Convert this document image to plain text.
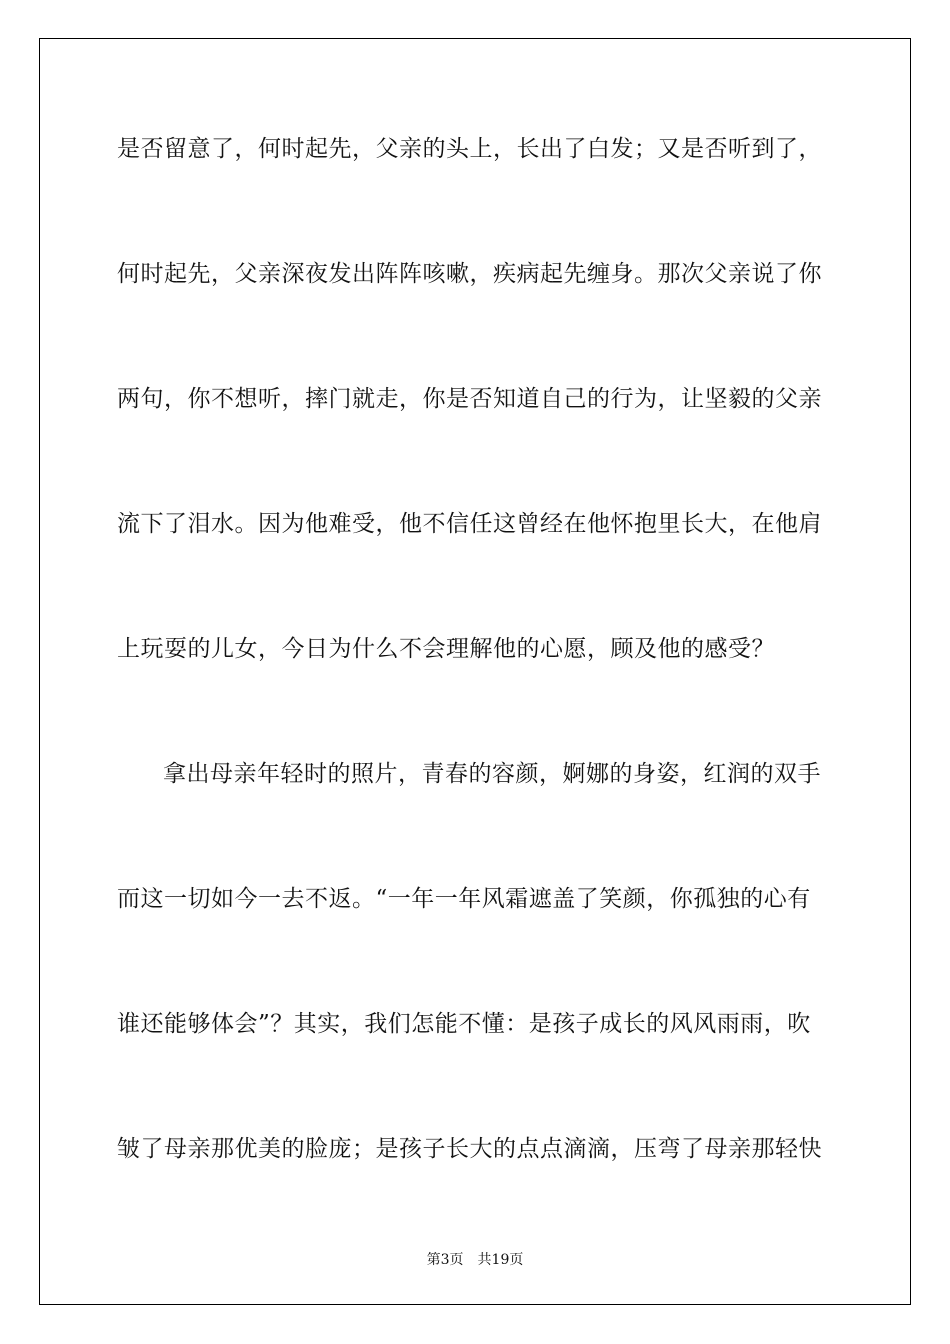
是否留意了，何时起先，父亲的头上，长出了白发；又是否听到了，
何时起先，父亲深夜发出阵阵咳嗽，疾病起先缠身。那次父亲说了你
两句，你不想听，摔门就走，你是否知道自己的行为，让坚毅的父亲
流下了泪水。因为他难受，他不信任这曾经在他怀抱里长大，在他肩
上玩耍的儿女，今日为什么不会理解他的心愿，顾及他的感受？
拿出母亲年轻时的照片，青春的容颜，婀娜的身姿，红润的双手
而这一切如今一去不返。“一年一年风霜遮盖了笑颜，你孤独的心有
谁还能够体会”？其实，我们怎能不懂：是孩子成长的风风雨雨，吹
皱了母亲那优美的脸庞；是孩子长大的点点滴滴，压弯了母亲那轻快
第3页 共19页
